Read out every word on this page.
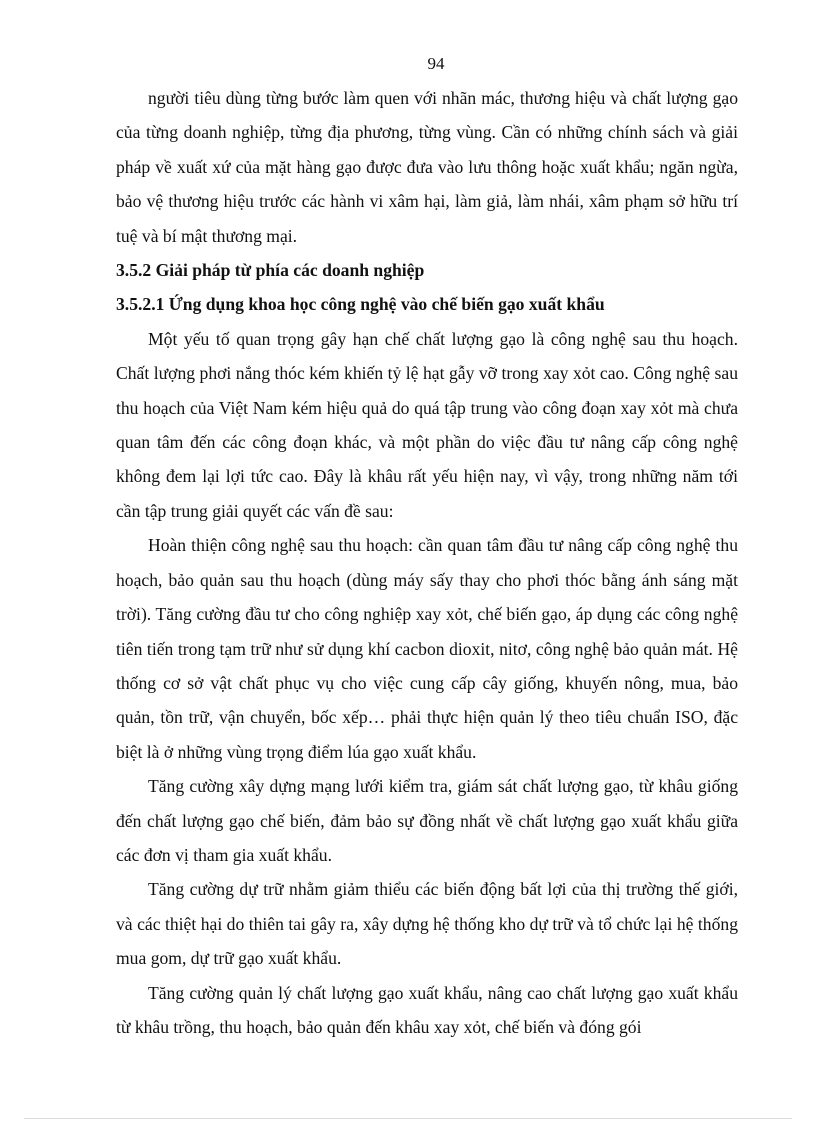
94

người tiêu dùng từng bước làm quen với nhãn mác, thương hiệu và chất lượng gạo của từng doanh nghiệp, từng địa phương, từng vùng. Cần có những chính sách và giải pháp về xuất xứ của mặt hàng gạo được đưa vào lưu thông hoặc xuất khẩu; ngăn ngừa, bảo vệ thương hiệu trước các hành vi xâm hại, làm giả, làm nhái, xâm phạm sở hữu trí tuệ và bí mật thương mại.

3.5.2 Giải pháp từ phía các doanh nghiệp

3.5.2.1 Ứng dụng khoa học công nghệ vào chế biến gạo xuất khẩu

Một yếu tố quan trọng gây hạn chế chất lượng gạo là công nghệ sau thu hoạch. Chất lượng phơi nắng thóc kém khiến tỷ lệ hạt gẫy vỡ trong xay xỏt cao. Công nghệ sau thu hoạch của Việt Nam kém hiệu quả do quá tập trung vào công đoạn xay xỏt mà chưa quan tâm đến các công đoạn khác, và một phần do việc đầu tư nâng cấp công nghệ không đem lại lợi tức cao. Đây là khâu rất yếu hiện nay, vì vậy, trong những năm tới cần tập trung giải quyết các vấn đề sau:

Hoàn thiện công nghệ sau thu hoạch: cần quan tâm đầu tư nâng cấp công nghệ thu hoạch, bảo quản sau thu hoạch (dùng máy sấy thay cho phơi thóc bằng ánh sáng mặt trời). Tăng cường đầu tư cho công nghiệp xay xỏt, chế biến gạo, áp dụng các công nghệ tiên tiến trong tạm trữ như sử dụng khí cacbon dioxit, nitơ, công nghệ bảo quản mát. Hệ thống cơ sở vật chất phục vụ cho việc cung cấp cây giống, khuyến nông, mua, bảo quản, tồn trữ, vận chuyển, bốc xếp… phải thực hiện quản lý theo tiêu chuẩn ISO, đặc biệt là ở những vùng trọng điểm lúa gạo xuất khẩu.

Tăng cường xây dựng mạng lưới kiểm tra, giám sát chất lượng gạo, từ khâu giống đến chất lượng gạo chế biến, đảm bảo sự đồng nhất về chất lượng gạo xuất khẩu giữa các đơn vị tham gia xuất khẩu.

Tăng cường dự trữ nhằm giảm thiểu các biến động bất lợi của thị trường thế giới, và các thiệt hại do thiên tai gây ra, xây dựng hệ thống kho dự trữ và tổ chức lại hệ thống mua gom, dự trữ gạo xuất khẩu.

Tăng cường quản lý chất lượng gạo xuất khẩu, nâng cao chất lượng gạo xuất khẩu từ khâu trồng, thu hoạch, bảo quản đến khâu xay xỏt, chế biến và đóng gói
